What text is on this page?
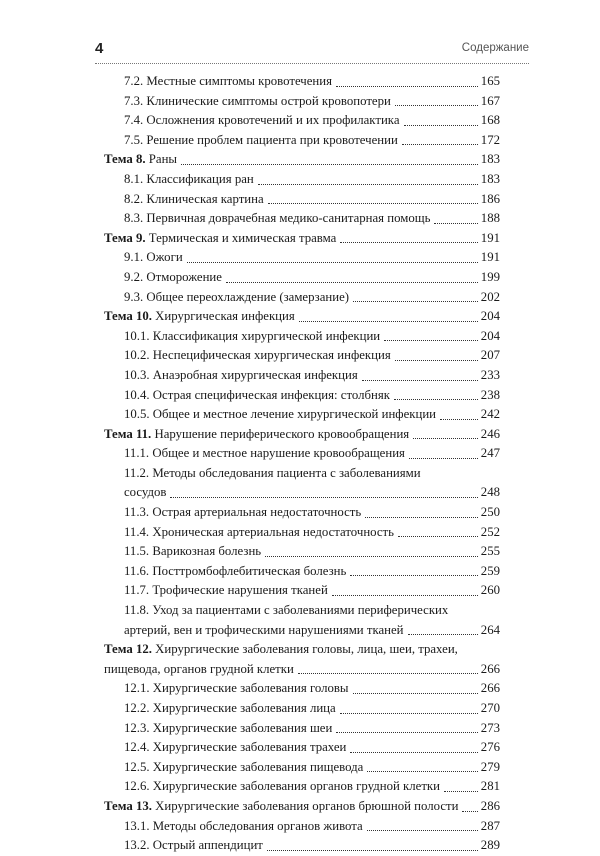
4	Содержание
7.2. Местные симптомы кровотечения	165
7.3. Клинические симптомы острой кровопотери	167
7.4. Осложнения кровотечений и их профилактика	168
7.5. Решение проблем пациента при кровотечении	172
Тема 8. Раны	183
8.1. Классификация ран	183
8.2. Клиническая картина	186
8.3. Первичная доврачебная медико-санитарная помощь	188
Тема 9. Термическая и химическая травма	191
9.1. Ожоги	191
9.2. Отморожение	199
9.3. Общее переохлаждение (замерзание)	202
Тема 10. Хирургическая инфекция	204
10.1. Классификация хирургической инфекции	204
10.2. Неспецифическая хирургическая инфекция	207
10.3. Анаэробная хирургическая инфекция	233
10.4. Острая специфическая инфекция: столбняк	238
10.5. Общее и местное лечение хирургической инфекции	242
Тема 11. Нарушение периферического кровообращения	246
11.1. Общее и местное нарушение кровообращения	247
11.2. Методы обследования пациента с заболеваниями
сосудов	248
11.3. Острая артериальная недостаточность	250
11.4. Хроническая артериальная недостаточность	252
11.5. Варикозная болезнь	255
11.6. Посттромбофлебитическая болезнь	259
11.7. Трофические нарушения тканей	260
11.8. Уход за пациентами с заболеваниями периферических
артерий, вен и трофическими нарушениями тканей	264
Тема 12. Хирургические заболевания головы, лица, шеи, трахеи,
пищевода, органов грудной клетки	266
12.1. Хирургические заболевания головы	266
12.2. Хирургические заболевания лица	270
12.3. Хирургические заболевания шеи	273
12.4. Хирургические заболевания трахеи	276
12.5. Хирургические заболевания пищевода	279
12.6. Хирургические заболевания органов грудной клетки	281
Тема 13. Хирургические заболевания органов брюшной полости 286
13.1. Методы обследования органов живота	287
13.2. Острый аппендицит	289
